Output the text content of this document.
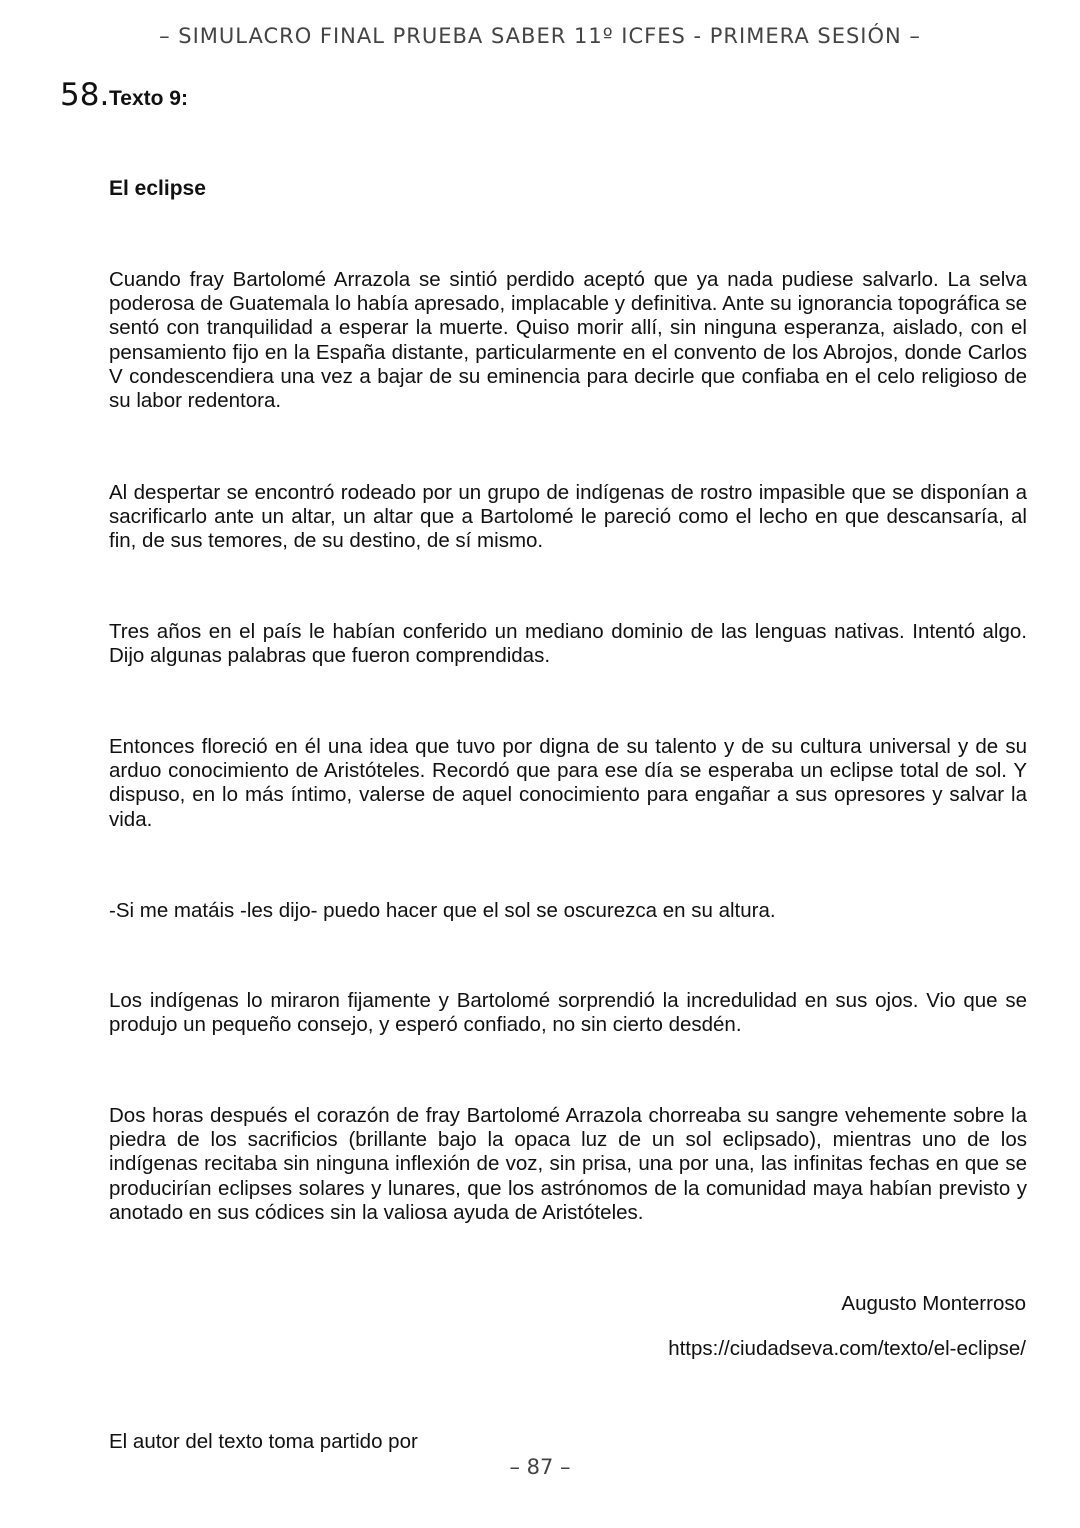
– SIMULACRO FINAL PRUEBA SABER 11º ICFES - PRIMERA SESIÓN –
58. Texto 9:
El eclipse

Cuando fray Bartolomé Arrazola se sintió perdido aceptó que ya nada pudiese salvarlo. La selva poderosa de Guatemala lo había apresado, implacable y definitiva. Ante su ignorancia topográfica se sentó con tranquilidad a esperar la muerte. Quiso morir allí, sin ninguna esperanza, aislado, con el pensamiento fijo en la España distante, particularmente en el convento de los Abrojos, donde Carlos V condescendiera una vez a bajar de su eminencia para decirle que confiaba en el celo religioso de su labor redentora.

Al despertar se encontró rodeado por un grupo de indígenas de rostro impasible que se disponían a sacrificarlo ante un altar, un altar que a Bartolomé le pareció como el lecho en que descansaría, al fin, de sus temores, de su destino, de sí mismo.

Tres años en el país le habían conferido un mediano dominio de las lenguas nativas. Intentó algo. Dijo algunas palabras que fueron comprendidas.

Entonces floreció en él una idea que tuvo por digna de su talento y de su cultura universal y de su arduo conocimiento de Aristóteles. Recordó que para ese día se esperaba un eclipse total de sol. Y dispuso, en lo más íntimo, valerse de aquel conocimiento para engañar a sus opresores y salvar la vida.

-Si me matáis -les dijo- puedo hacer que el sol se oscurezca en su altura.

Los indígenas lo miraron fijamente y Bartolomé sorprendió la incredulidad en sus ojos. Vio que se produjo un pequeño consejo, y esperó confiado, no sin cierto desdén.

Dos horas después el corazón de fray Bartolomé Arrazola chorreaba su sangre vehemente sobre la piedra de los sacrificios (brillante bajo la opaca luz de un sol eclipsado), mientras uno de los indígenas recitaba sin ninguna inflexión de voz, sin prisa, una por una, las infinitas fechas en que se producirían eclipses solares y lunares, que los astrónomos de la comunidad maya habían previsto y anotado en sus códices sin la valiosa ayuda de Aristóteles.

Augusto Monterroso
https://ciudadseva.com/texto/el-eclipse/
El autor del texto toma partido por
– 87 –
